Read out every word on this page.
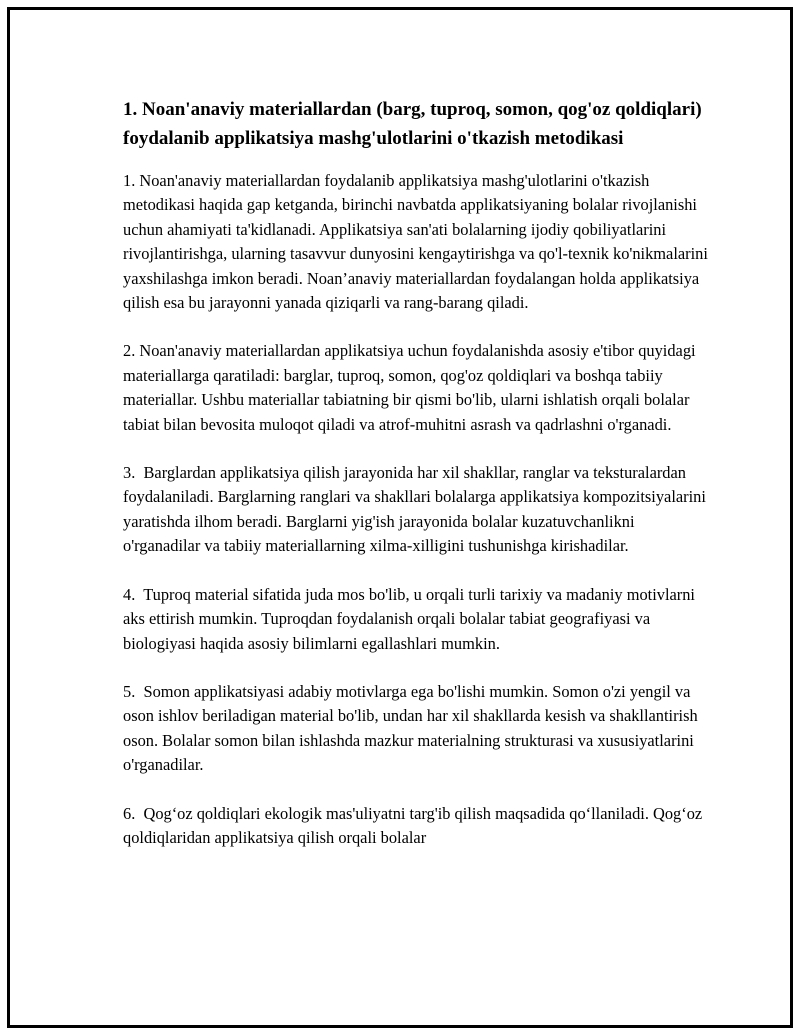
1. Noan'anaviy materiallardan (barg, tuproq, somon, qog'oz qoldiqlari) foydalanib applikatsiya mashg'ulotlarini o'tkazish metodikasi

1. Noan'anaviy materiallardan foydalanib applikatsiya mashg'ulotlarini o'tkazish metodikasi haqida gap ketganda, birinchi navbatda applikatsiyaning bolalar rivojlanishi uchun ahamiyati ta'kidlanadi. Applikatsiya san'ati bolalarning ijodiy qobiliyatlarini rivojlantirishga, ularning tasavvur dunyosini kengaytirishga va qo'l-texnik ko'nikmalarini yaxshilashga imkon beradi. Noan’anaviy materiallardan foydalangan holda applikatsiya qilish esa bu jarayonni yanada qiziqarli va rang-barang qiladi.

2. Noan'anaviy materiallardan applikatsiya uchun foydalanishda asosiy e'tibor quyidagi materiallarga qaratiladi: barglar, tuproq, somon, qog'oz qoldiqlari va boshqa tabiiy materiallar. Ushbu materiallar tabiatning bir qismi bo'lib, ularni ishlatish orqali bolalar tabiat bilan bevosita muloqot qiladi va atrof-muhitni asrash va qadrlashni o'rganadi.

3.  Barglardan applikatsiya qilish jarayonida har xil shakllar, ranglar va teksturalardan foydalaniladi. Barglarning ranglari va shakllari bolalarga applikatsiya kompozitsiyalarini yaratishda ilhom beradi. Barglarni yig'ish jarayonida bolalar kuzatuvchanlikni o'rganadilar va tabiiy materiallarning xilma-xilligini tushunishga kirishadilar.

4.  Tuproq material sifatida juda mos bo'lib, u orqali turli tarixiy va madaniy motivlarni aks ettirish mumkin. Tuproqdan foydalanish orqali bolalar tabiat geografiyasi va biologiyasi haqida asosiy bilimlarni egallashlari mumkin.

5.  Somon applikatsiyasi adabiy motivlarga ega bo'lishi mumkin. Somon o'zi yengil va oson ishlov beriladigan material bo'lib, undan har xil shakllarda kesish va shakllantirish oson. Bolalar somon bilan ishlashda mazkur materialning strukturasi va xususiyatlarini o'rganadilar.

6.  Qog‘oz qoldiqlari ekologik mas'uliyatni targ'ib qilish maqsadida qo‘llaniladi. Qog‘oz qoldiqlaridan applikatsiya qilish orqali bolalar
